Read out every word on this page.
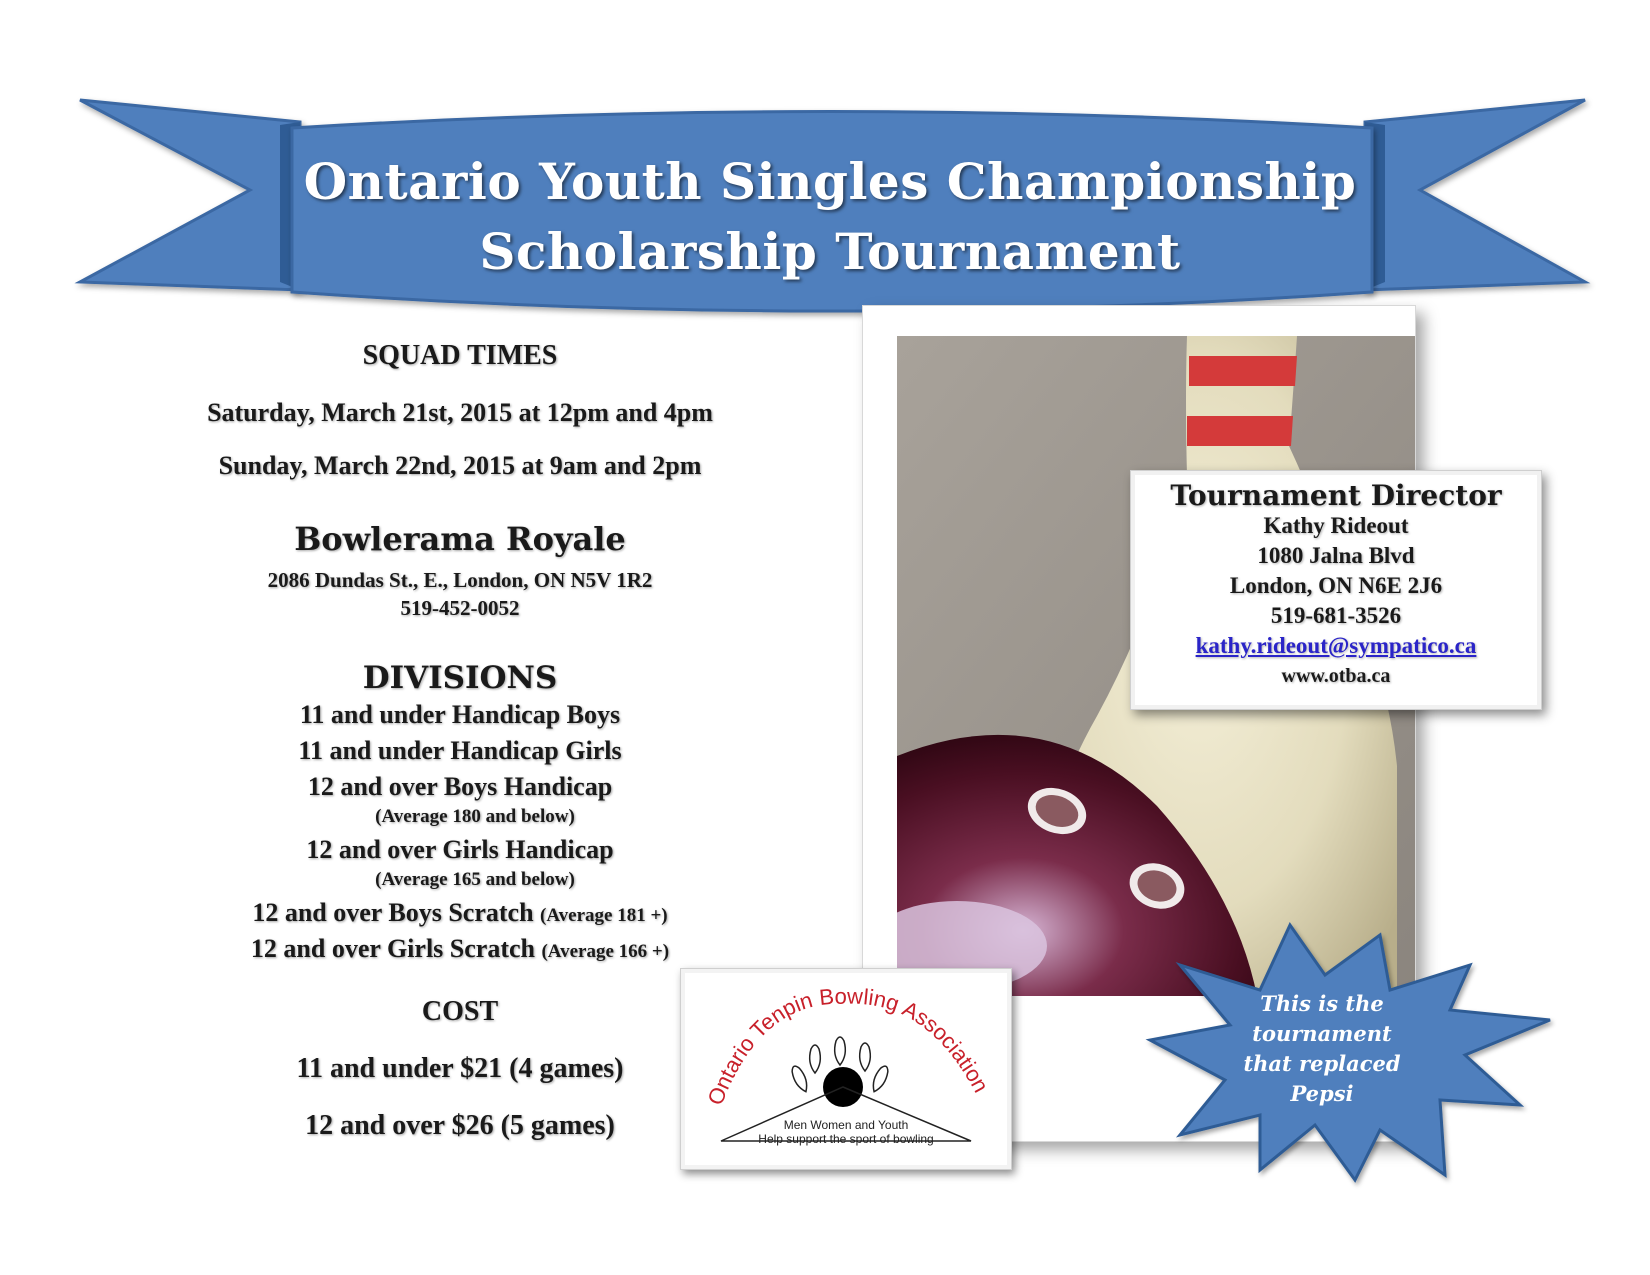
Ontario Youth Singles Championship
Scholarship Tournament
SQUAD TIMES
Saturday, March 21st, 2015 at 12pm and 4pm
Sunday, March 22nd, 2015 at 9am and 2pm
Bowlerama Royale
2086 Dundas St., E., London, ON N5V 1R2
519-452-0052
DIVISIONS
11 and under Handicap Boys
11 and under Handicap Girls
12 and over Boys Handicap
(Average 180 and below)
12 and over Girls Handicap
(Average 165 and below)
12 and over Boys Scratch (Average 181 +)
12 and over Girls Scratch (Average 166 +)
COST
11 and under $21 (4 games)
12 and over $26 (5 games)
Tournament Director
Kathy Rideout
1080 Jalna Blvd
London, ON N6E 2J6
519-681-3526
kathy.rideout@sympatico.ca
www.otba.ca
Ontario Tenpin Bowling Association
Men Women and Youth
Help support the sport of bowling
This is the
tournament
that replaced
Pepsi
